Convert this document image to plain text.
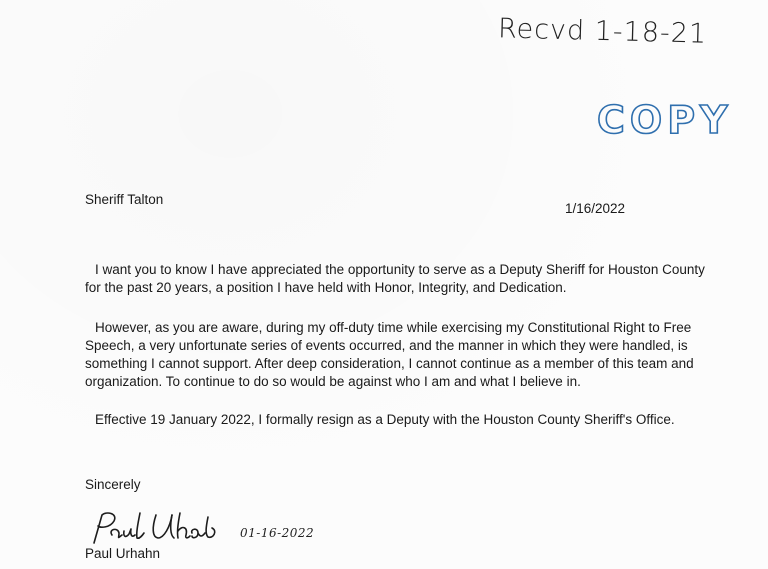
Recvd 1-18-21
COPY
Sheriff Talton
1/16/2022

I want you to know I have appreciated the opportunity to serve as a Deputy Sheriff for Houston County

for the past 20 years, a position I have held with Honor, Integrity, and Dedication.

However, as you are aware, during my off-duty time while exercising my Constitutional Right to Free

Speech, a very unfortunate series of events occurred, and the manner in which they were handled, is

something I cannot support. After deep consideration, I cannot continue as a member of this team and

organization. To continue to do so would be against who I am and what I believe in.

Effective 19 January 2022, I formally resign as a Deputy with the Houston County Sheriff's Office.

Sincerely
01-16-2022
Paul Urhahn
